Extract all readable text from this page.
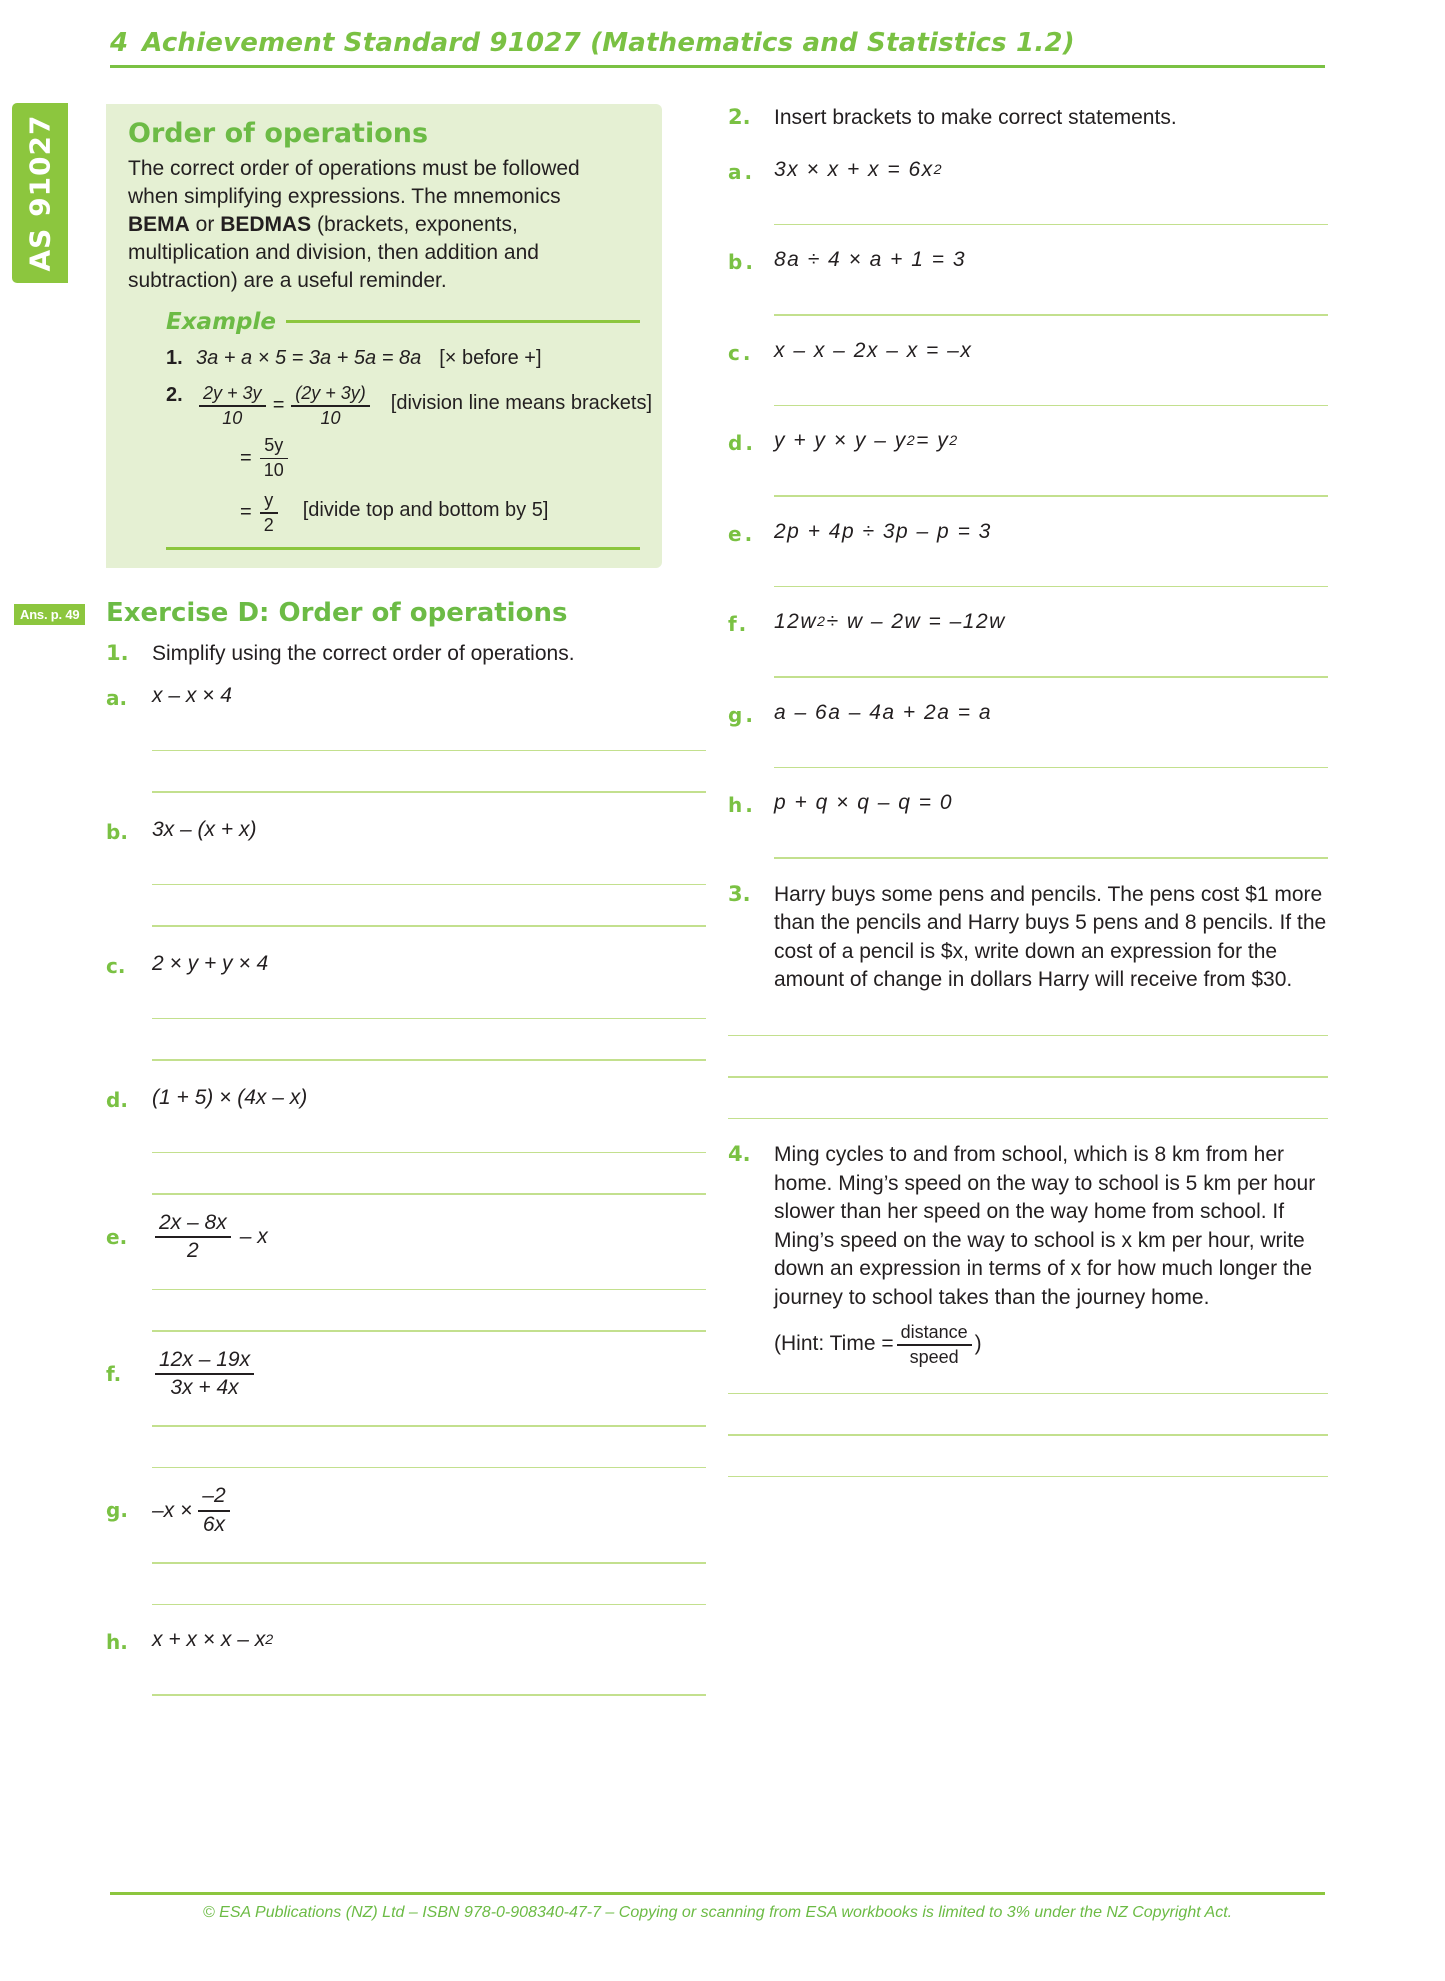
4 Achievement Standard 91027 (Mathematics and Statistics 1.2)
AS 91027	Order of operations
The correct order of operations must be followed
when simplifying expressions. The mnemonics
BEMA or BEDMAS (brackets, exponents,
multiplication and division, then addition and
subtraction) are a useful reminder.
Example
1. 3a + a × 5 = 3a + 5a = 8a [× before +]
2. $\frac{2y + 3y}{10} = \frac{(2y + 3y)}{10}$ [division line means brackets]
= $\frac{5y}{10}$
= $\frac{y}{2}$ [divide top and bottom by 5]
Ans. p. 49 Exercise D: Order of operations
1.	Simplify using the correct order of operations.
a.	x – x × 4
b.	3x – (x + x)
c.	2 × y + y × 4
d.	(1 + 5) × (4x – x)
e.	$\frac{2x - 8x}{2}$ – x
f.	$\frac{12x - 19x}{3x + 4x}$
g.	$-x \times \frac{-2}{6x}$
h.	x + x × x – x 2
2.	Insert brackets to make correct statements.
a. 3x × x + x = 6x 2
b. 8a ÷ 4 × a + 1 = 3
c. x – x – 2x – x = –x
d. y + y × y – y 2 = y 2
e. 2p + 4p ÷ 3p – p = 3
f.	12w 2 ÷ w – 2w = –12w
g. a – 6a – 4a + 2a = a
h. p + q × q – q = 0
3.	Harry buys some pens and pencils. The pens cost $1 more than the pencils and Harry buys 5 pens and 8 pencils. If the cost of a pencil is $x, write down an expression for the amount of change in dollars Harry will receive from $30.
4.	Ming cycles to and from school, which is 8 km from her home. Ming’s speed on the way to school is 5 km per hour slower than her speed on the way home from school. If Ming’s speed on the way to school is x km per hour, write down an expression in terms of x for how much longer the journey to school takes than the journey home.
(Hint: Time = $\frac{\text{distance}}{\text{speed}}$ )
© ESA Publications (NZ) Ltd – ISBN 978-0-908340-47-7 – Copying or scanning from ESA workbooks is limited to 3% under the NZ Copyright Act.
